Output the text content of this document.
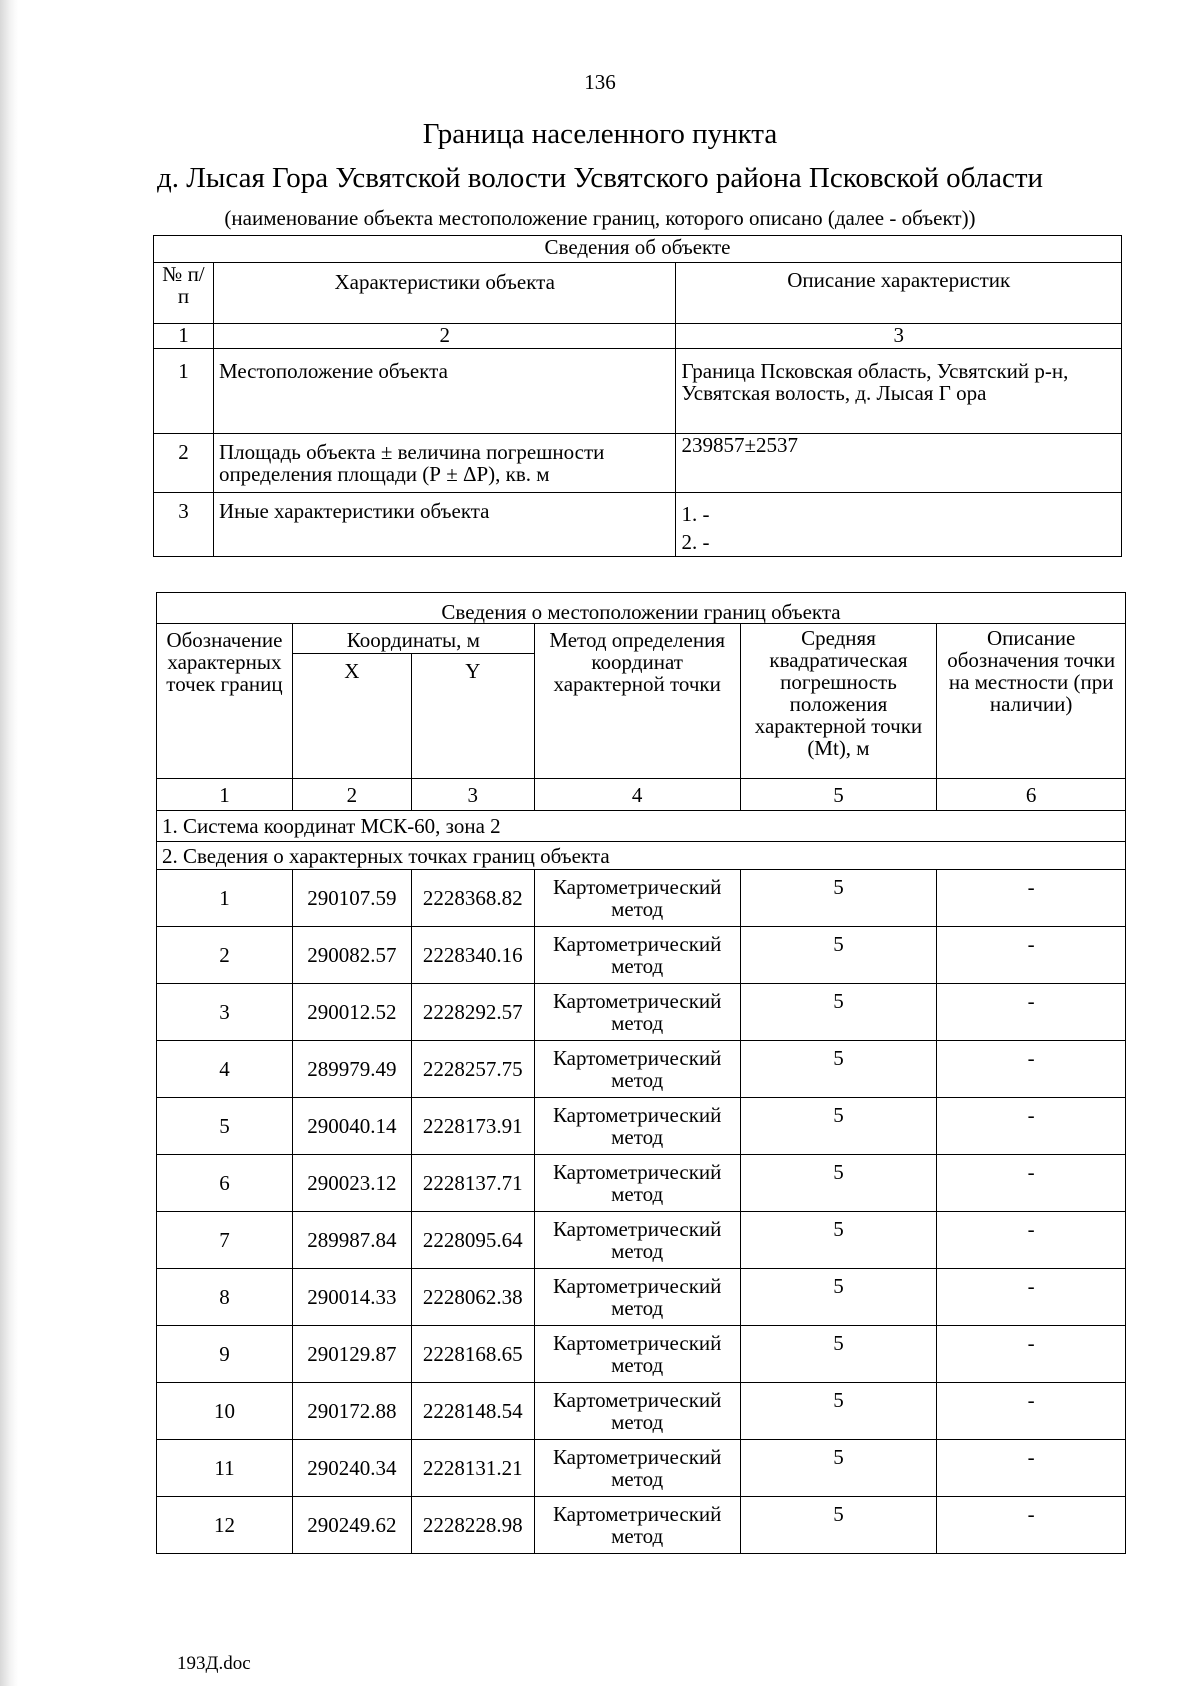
136
Граница населенного пункта
д. Лысая Гора Усвятской волости Усвятского района Псковской области
(наименование объекта местоположение границ, которого описано (далее - объект))
Сведения об объекте		
№ п/п	Характеристики объекта	Описание характеристик
1	2	3
1	Местоположение объекта	Граница Псковская область, Усвятский р-н, Усвятская волость, д. Лысая Г ора
2	Площадь объекта ± величина погрешности определения площади (Р ± ΔР), кв. м	239857±2537
3	Иные характеристики объекта	1. -
2. -
Сведения о местоположении границ объекта					
Обозначение характерных точек границ	Координаты, м		Метод определения координат характерной точки	Средняя квадратическая погрешность положения характерной точки (Mt), м	Описание обозначения точки на местности (при наличии)
	X	Y			
1	2	3	4	5	6
1. Система координат МСК-60, зона 2					
2. Сведения о характерных точках границ объекта					
1	290107.59	2228368.82	Картометрический метод	5	-
2	290082.57	2228340.16	Картометрический метод	5	-
3	290012.52	2228292.57	Картометрический метод	5	-
4	289979.49	2228257.75	Картометрический метод	5	-
5	290040.14	2228173.91	Картометрический метод	5	-
6	290023.12	2228137.71	Картометрический метод	5	-
7	289987.84	2228095.64	Картометрический метод	5	-
8	290014.33	2228062.38	Картометрический метод	5	-
9	290129.87	2228168.65	Картометрический метод	5	-
10	290172.88	2228148.54	Картометрический метод	5	-
11	290240.34	2228131.21	Картометрический метод	5	-
12	290249.62	2228228.98	Картометрический метод	5	-
193Д.doc
